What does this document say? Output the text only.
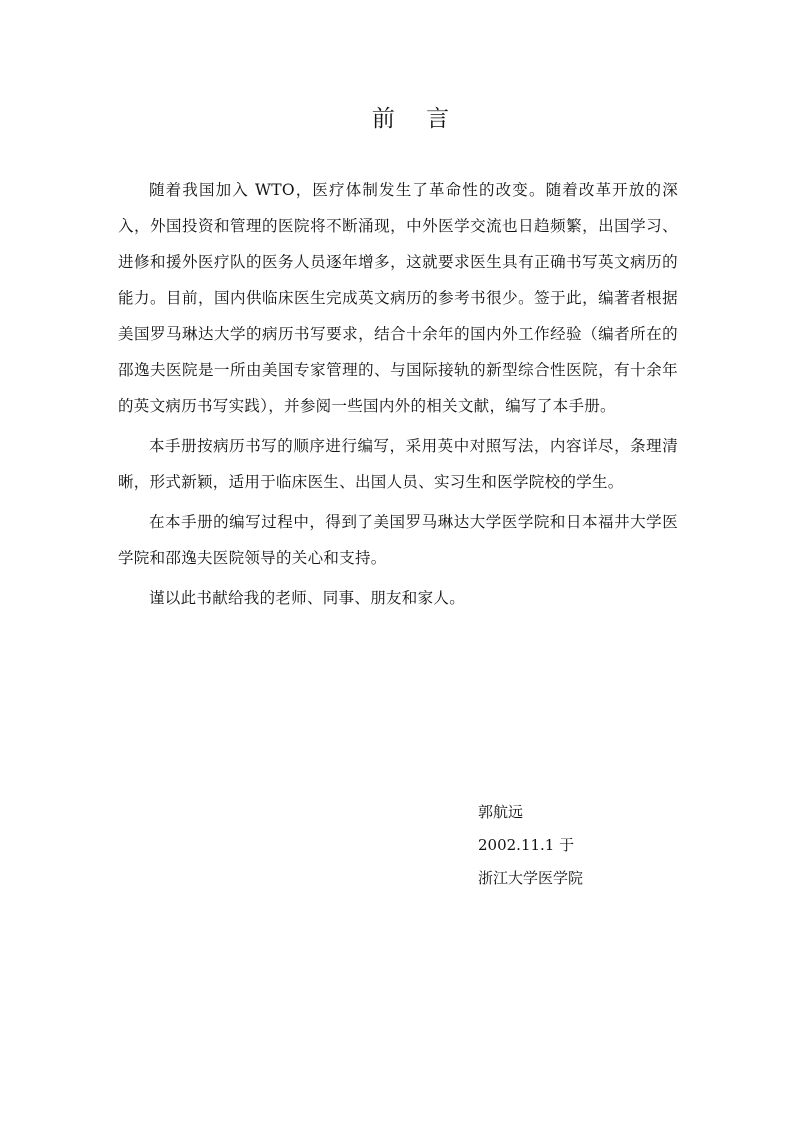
前 言

随着我国加入 WTO，医疗体制发生了革命性的改变。随着改革开放的深入，外国投资和管理的医院将不断涌现，中外医学交流也日趋频繁，出国学习、进修和援外医疗队的医务人员逐年增多，这就要求医生具有正确书写英文病历的能力。目前，国内供临床医生完成英文病历的参考书很少。签于此，编著者根据美国罗马琳达大学的病历书写要求，结合十余年的国内外工作经验（编者所在的邵逸夫医院是一所由美国专家管理的、与国际接轨的新型综合性医院，有十余年的英文病历书写实践），并参阅一些国内外的相关文献，编写了本手册。

本手册按病历书写的顺序进行编写，采用英中对照写法，内容详尽，条理清晰，形式新颖，适用于临床医生、出国人员、实习生和医学院校的学生。

在本手册的编写过程中，得到了美国罗马琳达大学医学院和日本福井大学医学院和邵逸夫医院领导的关心和支持。

谨以此书献给我的老师、同事、朋友和家人。

郭航远

2002.11.1 于

浙江大学医学院
